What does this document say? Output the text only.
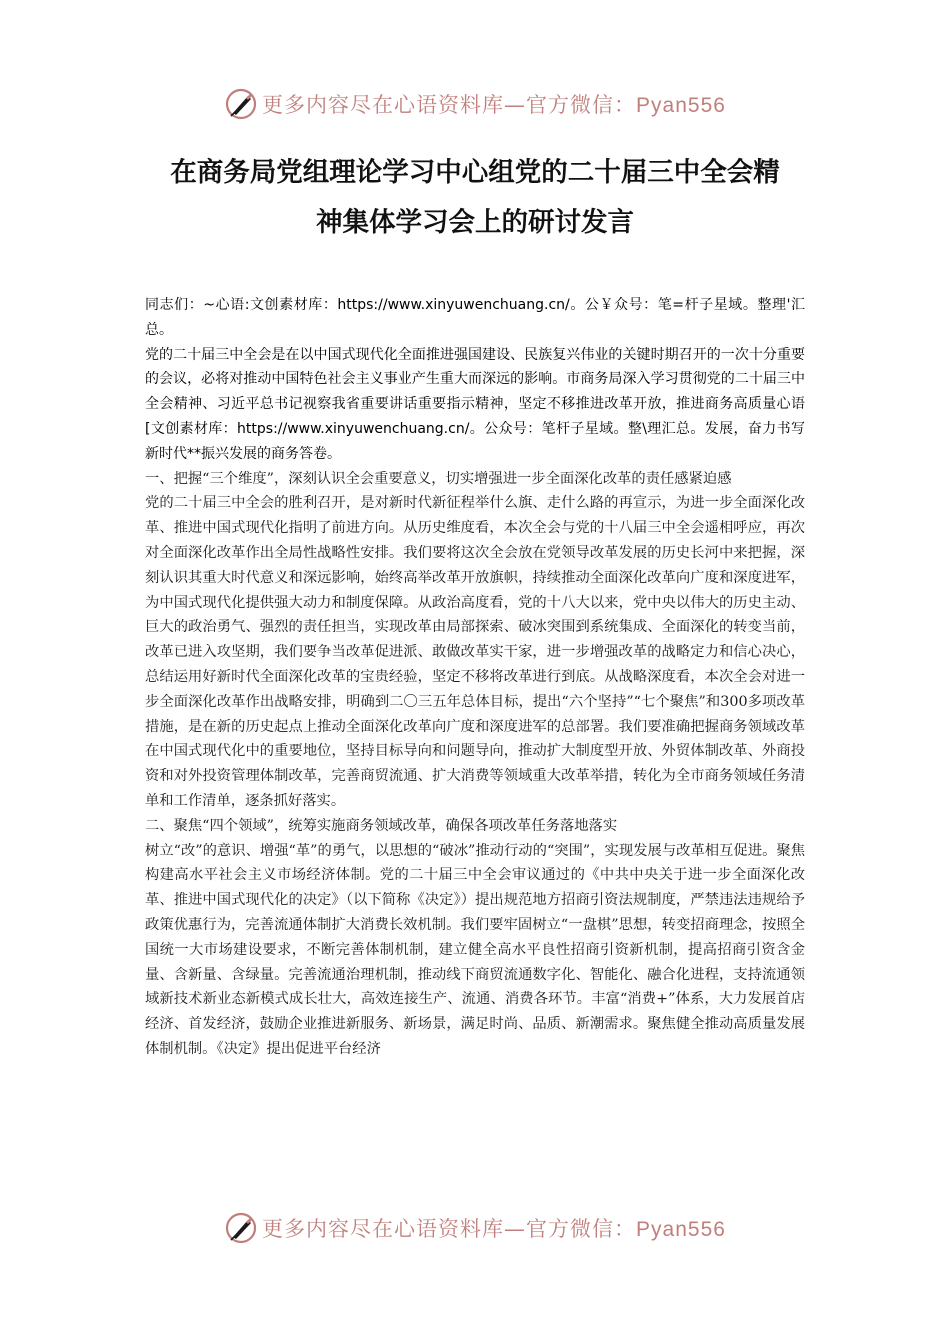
更多内容尽在心语资料库—官方微信：Pyan556
在商务局党组理论学习中心组党的二十届三中全会精
神集体学习会上的研讨发言

同志们：~心语:文创素材库：https://www.xinyuwenchuang.cn/。公￥众号：笔=杆子星域。整理'汇总。

党的二十届三中全会是在以中国式现代化全面推进强国建设、民族复兴伟业的关键时期召开的一次十分重要的会议，必将对推动中国特色社会主义事业产生重大而深远的影响。市商务局深入学习贯彻党的二十届三中全会精神、习近平总书记视察我省重要讲话重要指示精神，坚定不移推进改革开放，推进商务高质量心语[文创素材库：https://www.xinyuwenchuang.cn/。公众号：笔杆子星域。整\理汇总。发展，奋力书写新时代**振兴发展的商务答卷。

一、把握“三个维度”，深刻认识全会重要意义，切实增强进一步全面深化改革的责任感紧迫感

党的二十届三中全会的胜利召开，是对新时代新征程举什么旗、走什么路的再宣示，为进一步全面深化改革、推进中国式现代化指明了前进方向。从历史维度看，本次全会与党的十八届三中全会遥相呼应，再次对全面深化改革作出全局性战略性安排。我们要将这次全会放在党领导改革发展的历史长河中来把握，深刻认识其重大时代意义和深远影响，始终高举改革开放旗帜，持续推动全面深化改革向广度和深度进军，为中国式现代化提供强大动力和制度保障。从政治高度看，党的十八大以来，党中央以伟大的历史主动、巨大的政治勇气、强烈的责任担当，实现改革由局部探索、破冰突围到系统集成、全面深化的转变当前，改革已进入攻坚期，我们要争当改革促进派、敢做改革实干家，进一步增强改革的战略定力和信心决心，总结运用好新时代全面深化改革的宝贵经验，坚定不移将改革进行到底。从战略深度看，本次全会对进一步全面深化改革作出战略安排，明确到二〇三五年总体目标，提出“六个坚持”“七个聚焦”和300多项改革措施，是在新的历史起点上推动全面深化改革向广度和深度进军的总部署。我们要准确把握商务领域改革在中国式现代化中的重要地位，坚持目标导向和问题导向，推动扩大制度型开放、外贸体制改革、外商投资和对外投资管理体制改革，完善商贸流通、扩大消费等领域重大改革举措，转化为全市商务领域任务清单和工作清单，逐条抓好落实。

二、聚焦“四个领域”，统筹实施商务领域改革，确保各项改革任务落地落实

树立“改”的意识、增强“革”的勇气，以思想的“破冰”推动行动的“突围”，实现发展与改革相互促进。聚焦构建高水平社会主义市场经济体制。党的二十届三中全会审议通过的《中共中央关于进一步全面深化改革、推进中国式现代化的决定》（以下简称《决定》）提出规范地方招商引资法规制度，严禁违法违规给予政策优惠行为，完善流通体制扩大消费长效机制。我们要牢固树立“一盘棋”思想，转变招商理念，按照全国统一大市场建设要求，不断完善体制机制，建立健全高水平良性招商引资新机制，提高招商引资含金量、含新量、含绿量。完善流通治理机制，推动线下商贸流通数字化、智能化、融合化进程，支持流通领域新技术新业态新模式成长壮大，高效连接生产、流通、消费各环节。丰富“消费+”体系，大力发展首店经济、首发经济，鼓励企业推进新服务、新场景，满足时尚、品质、新潮需求。聚焦健全推动高质量发展体制机制。《决定》提出促进平台经济

更多内容尽在心语资料库—官方微信：Pyan556
